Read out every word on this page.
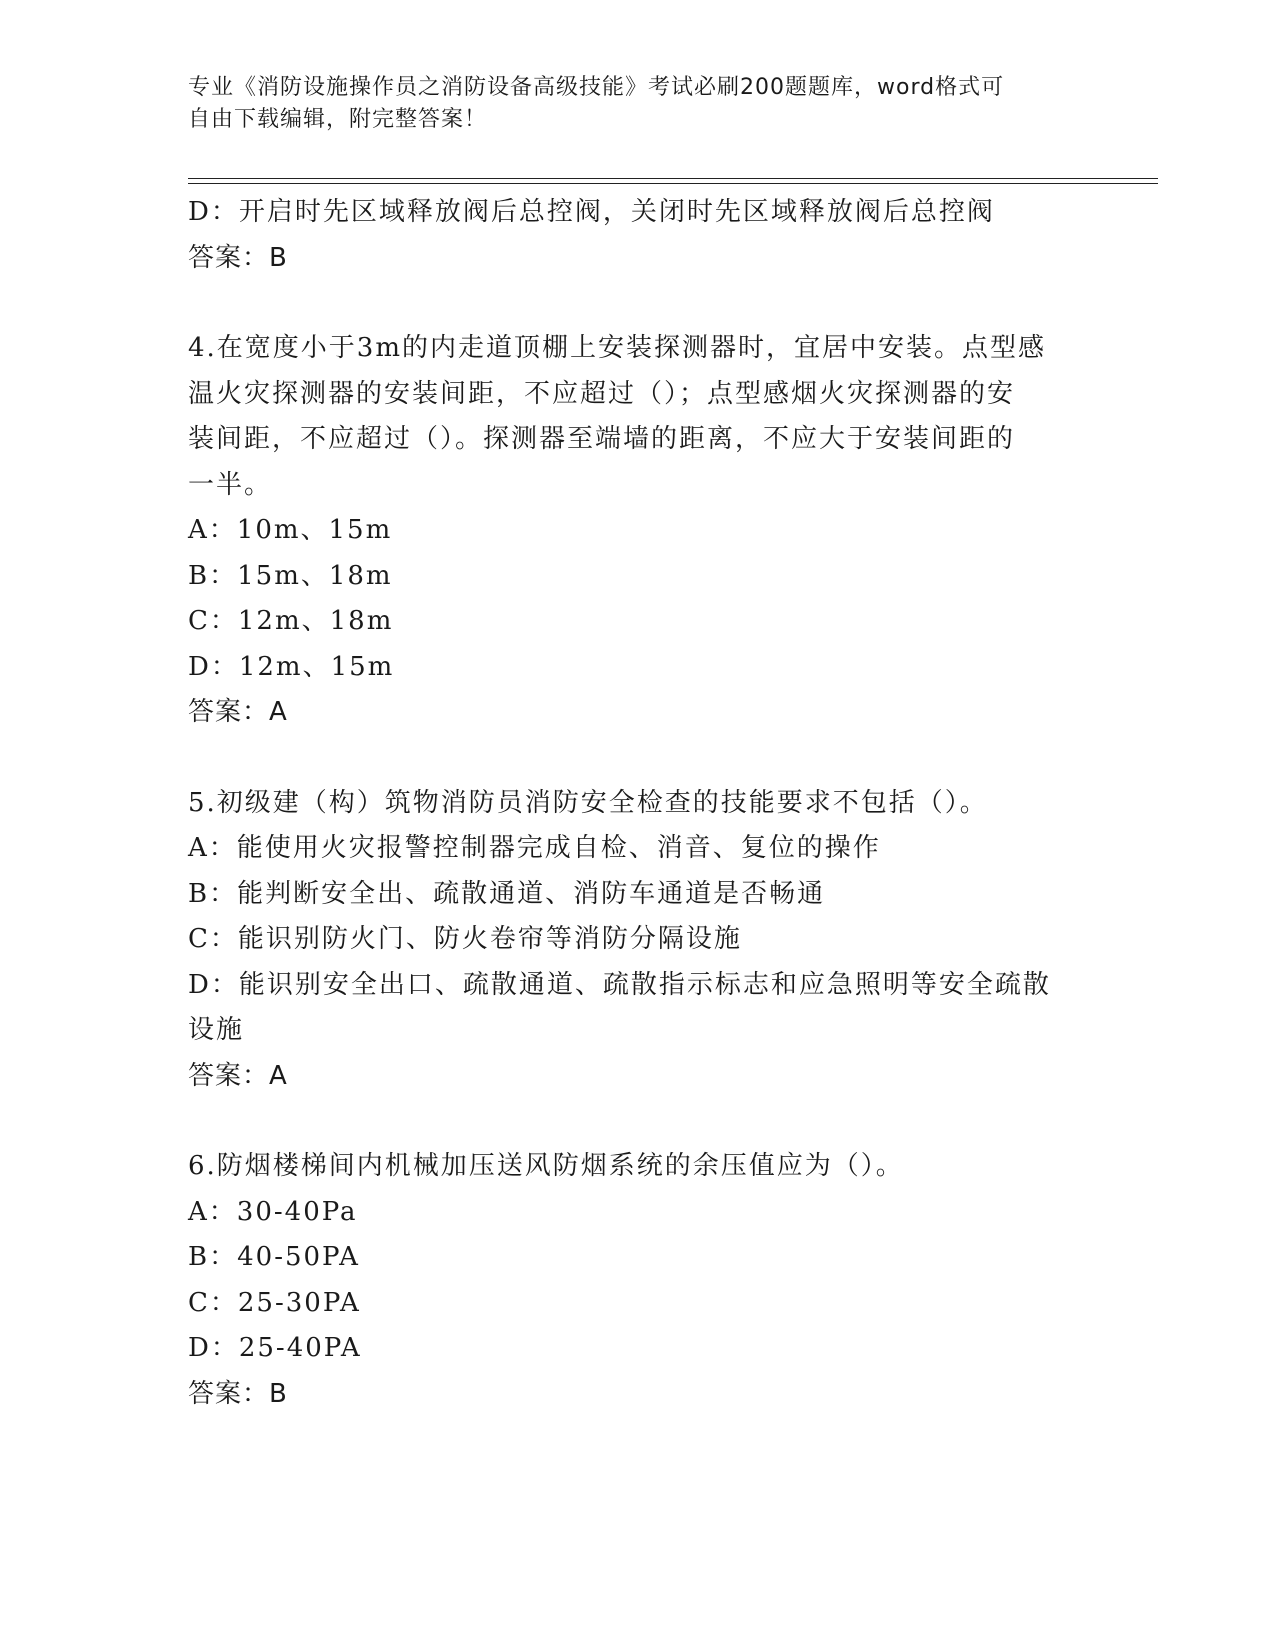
专业《消防设施操作员之消防设备高级技能》考试必刷200题题库，word格式可
自由下载编辑，附完整答案！
D：开启时先区域释放阀后总控阀，关闭时先区域释放阀后总控阀
答案：B
4.在宽度小于3m的内走道顶棚上安装探测器时，宜居中安装。点型感
温火灾探测器的安装间距，不应超过（）；点型感烟火灾探测器的安
装间距，不应超过（）。探测器至端墙的距离，不应大于安装间距的
一半。
A：10m、15m
B：15m、18m
C：12m、18m
D：12m、15m
答案：A
5.初级建（构）筑物消防员消防安全检查的技能要求不包括（）。
A：能使用火灾报警控制器完成自检、消音、复位的操作
B：能判断安全出、疏散通道、消防车通道是否畅通
C：能识别防火门、防火卷帘等消防分隔设施
D：能识别安全出口、疏散通道、疏散指示标志和应急照明等安全疏散
设施
答案：A
6.防烟楼梯间内机械加压送风防烟系统的余压值应为（）。
A：30-40Pa
B：40-50PA
C：25-30PA
D：25-40PA
答案：B
